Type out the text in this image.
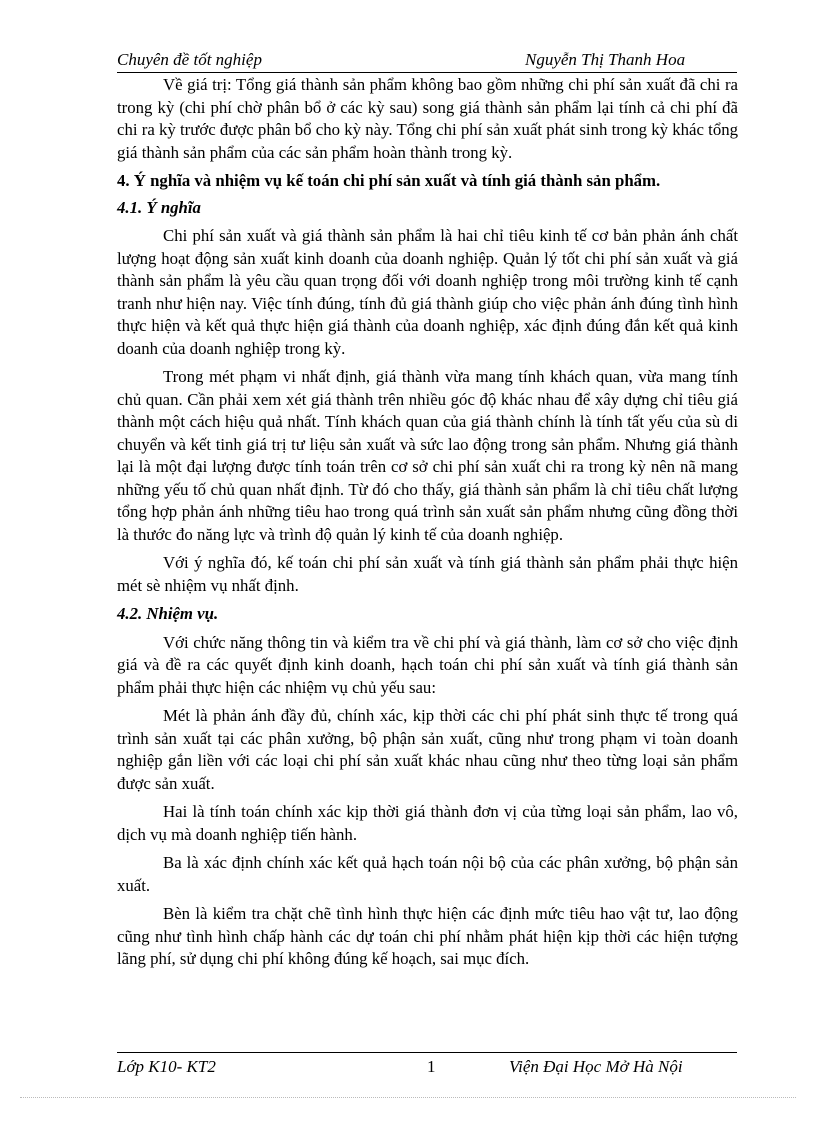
Chuyên đề tốt nghiệp	Nguyễn Thị Thanh Hoa

Về giá trị: Tổng giá thành sản phẩm không bao gồm những chi phí sản xuất đã chi ra trong kỳ (chi phí chờ phân bổ ở các kỳ sau) song giá thành sản phẩm lại tính cả chi phí đã chi ra kỳ trước được phân bổ cho kỳ này. Tổng chi phí sản xuất phát sinh trong kỳ khác tổng giá thành sản phẩm của các sản phẩm hoàn thành trong kỳ.

4. Ý nghĩa và nhiệm vụ kế toán chi phí sản xuất và tính giá thành sản phẩm.
4.1. Ý nghĩa

Chi phí sản xuất và giá thành sản phẩm là hai chỉ tiêu kinh tế cơ bản phản ánh chất lượng hoạt động sản xuất kinh doanh của doanh nghiệp. Quản lý tốt chi phí sản xuất và giá thành sản phẩm là yêu cầu quan trọng đối với doanh nghiệp trong môi trường kinh tế cạnh tranh như hiện nay. Việc tính đúng, tính đủ giá thành giúp cho việc phản ánh đúng tình hình thực hiện và kết quả thực hiện giá thành của doanh nghiệp, xác định đúng đắn kết quả kinh doanh của doanh nghiệp trong kỳ.

Trong mét phạm vi nhất định, giá thành vừa mang tính khách quan, vừa mang tính chủ quan. Cần phải xem xét giá thành trên nhiều góc độ khác nhau để xây dựng chỉ tiêu giá thành một cách hiệu quả nhất. Tính khách quan của giá thành chính là tính tất yếu của sù di chuyển và kết tinh giá trị tư liệu sản xuất và sức lao động trong sản phẩm. Nhưng giá thành lại là một đại lượng được tính toán trên cơ sở chi phí sản xuất chi ra trong kỳ nên nã mang những yếu tố chủ quan nhất định. Từ đó cho thấy, giá thành sản phẩm là chỉ tiêu chất lượng tổng hợp phản ánh những tiêu hao trong quá trình sản xuất sản phẩm nhưng cũng đồng thời là thước đo năng lực và trình độ quản lý kinh tế của doanh nghiệp.

Với ý nghĩa đó, kế toán chi phí sản xuất và tính giá thành sản phẩm phải thực hiện mét sè nhiệm vụ nhất định.

4.2. Nhiệm vụ.

Với chức năng thông tin và kiểm tra về chi phí và giá thành, làm cơ sở cho việc định giá và đề ra các quyết định kinh doanh, hạch toán chi phí sản xuất và tính giá thành sản phẩm phải thực hiện các nhiệm vụ chủ yếu sau:

Mét là phản ánh đầy đủ, chính xác, kịp thời các chi phí phát sinh thực tế trong quá trình sản xuất tại các phân xưởng, bộ phận sản xuất, cũng như trong phạm vi toàn doanh nghiệp gắn liền với các loại chi phí sản xuất khác nhau cũng như theo từng loại sản phẩm được sản xuất.

Hai là tính toán chính xác kịp thời giá thành đơn vị của từng loại sản phẩm, lao vô, dịch vụ mà doanh nghiệp tiến hành.

Ba là xác định chính xác kết quả hạch toán nội bộ của các phân xưởng, bộ phận sản xuất.

Bèn là kiểm tra chặt chẽ tình hình thực hiện các định mức tiêu hao vật tư, lao động cũng như tình hình chấp hành các dự toán chi phí nhằm phát hiện kịp thời các hiện tượng lãng phí, sử dụng chi phí không đúng kế hoạch, sai mục đích.

Lớp K10- KT2	1	Viện Đại Học Mở Hà Nội
